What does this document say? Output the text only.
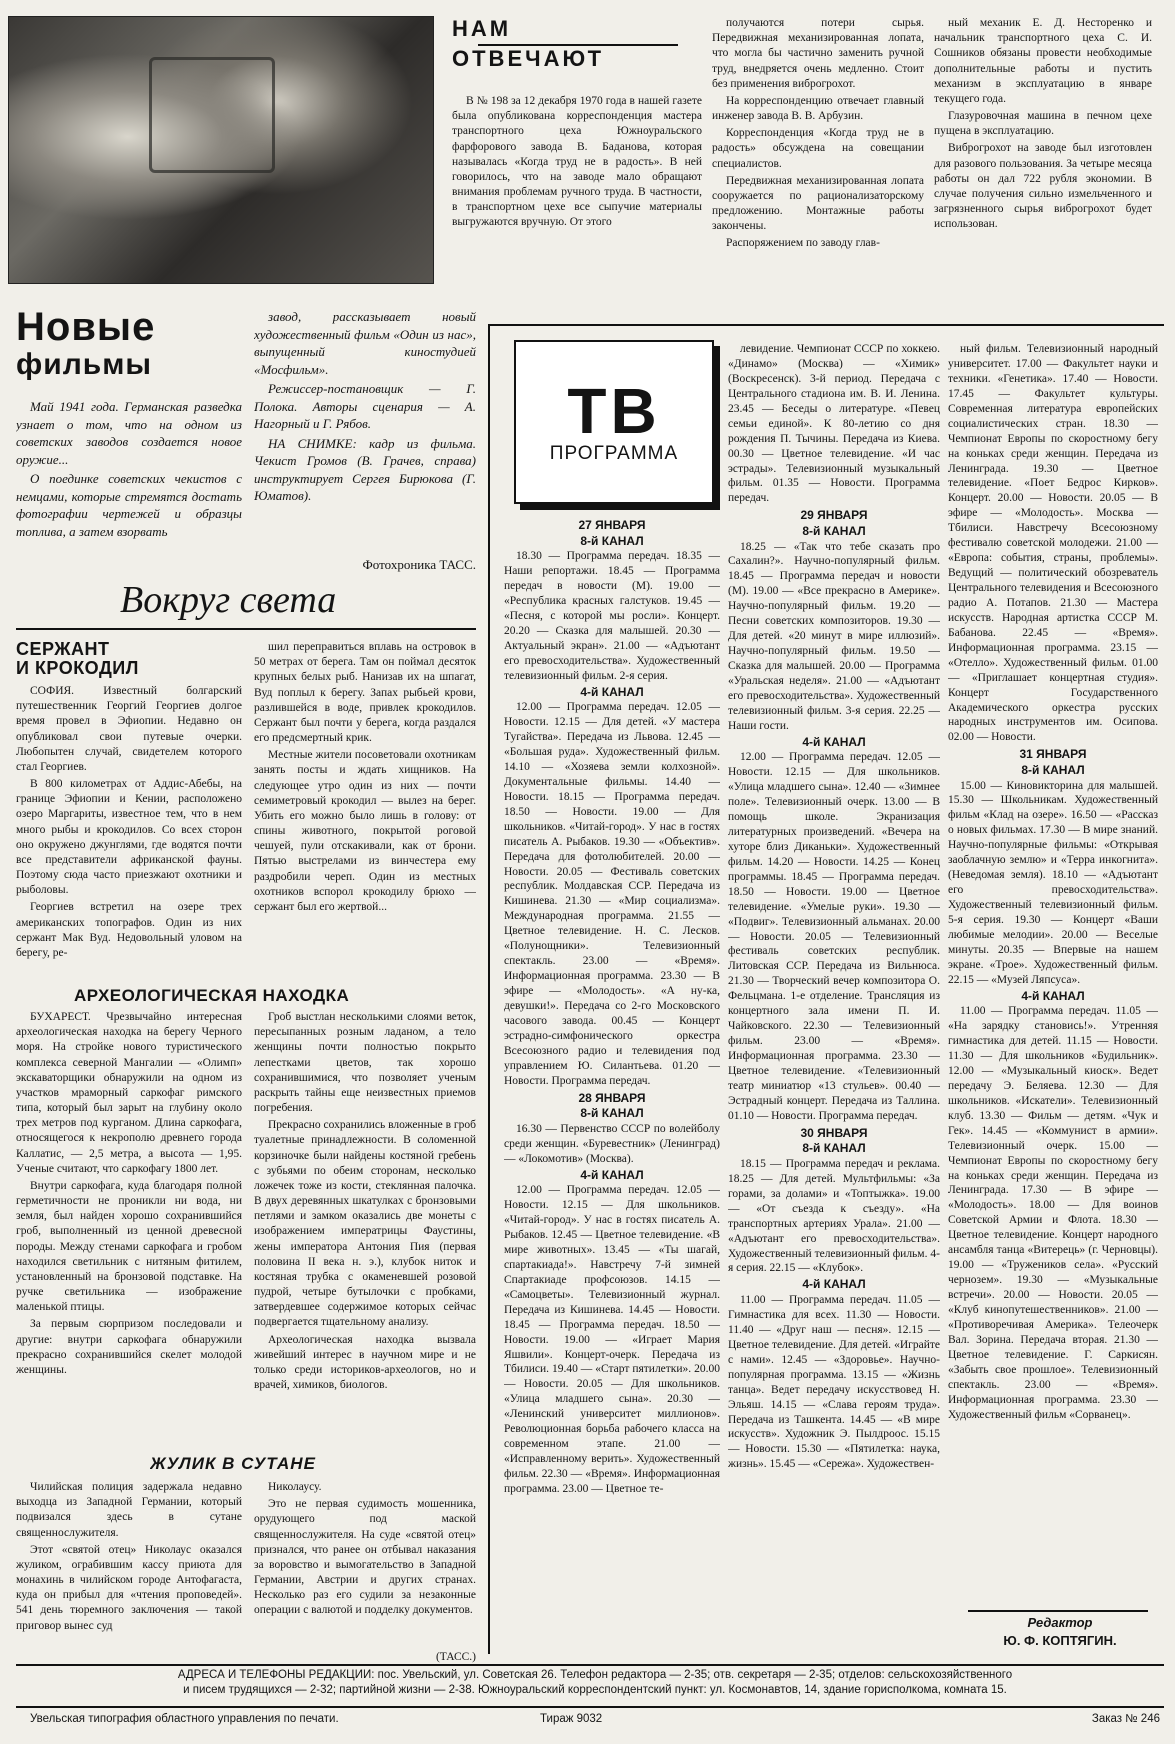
НАМ
ОТВЕЧАЮТ

В № 198 за 12 декабря 1970 года в нашей газете была опубликована корреспонденция мастера транспортного цеха Южноуральского фарфорового завода В. Баданова, которая называлась «Когда труд не в радость». В ней говорилось, что на заводе мало обращают внимания проблемам ручного труда. В частности, в транспортном цехе все сыпучие материалы выгружаются вручную. От этого

получаются потери сырья. Передвижная механизированная лопата, что могла бы частично заменить ручной труд, внедряется очень медленно. Стоит без применения виброгрохот.

На корреспонденцию отвечает главный инженер завода В. В. Арбузин.

Корреспонденция «Когда труд не в радость» обсуждена на совещании специалистов.

Передвижная механизированная лопата сооружается по рационализаторскому предложению. Монтажные работы закончены.

Распоряжением по заводу глав-

ный механик Е. Д. Несторенко и начальник транспортного цеха С. И. Сошников обязаны провести необходимые дополнительные работы и пустить механизм в эксплуатацию в январе текущего года.

Глазуровочная машина в печном цехе пущена в эксплуатацию.

Виброгрохот на заводе был изготовлен для разового пользования. За четыре месяца работы он дал 722 рубля экономии. В случае получения сильно измельченного и загрязненного сырья виброгрохот будет использован.

Новые
фильмы

Май 1941 года. Германская разведка узнает о том, что на одном из советских заводов создается новое оружие...

О поединке советских чекистов с немцами, которые стремятся достать фотографии чертежей и образцы топлива, а затем взорвать

завод, рассказывает новый художественный фильм «Один из нас», выпущенный киностудией «Мосфильм».

Режиссер-постановщик — Г. Полока. Авторы сценария — А. Нагорный и Г. Рябов.

НА СНИМКЕ: кадр из фильма. Чекист Громов (В. Грачев, справа) инструктирует Сергея Бирюкова (Г. Юматов).

Фотохроника ТАСС.
Вокруг света
СЕРЖАНТ
И КРОКОДИЛ

СОФИЯ. Известный болгарский путешественник Георгий Георгиев долгое время провел в Эфиопии. Недавно он опубликовал свои путевые очерки. Любопытен случай, свидетелем которого стал Георгиев.

В 800 километрах от Аддис-Абебы, на границе Эфиопии и Кении, расположено озеро Маргариты, известное тем, что в нем много рыбы и крокодилов. Со всех сторон оно окружено джунглями, где водятся почти все представители африканской фауны. Поэтому сюда часто приезжают охотники и рыболовы.

Георгиев встретил на озере трех американских топографов. Один из них сержант Мак Вуд. Недовольный уловом на берегу, ре-

шил переправиться вплавь на островок в 50 метрах от берега. Там он поймал десяток крупных белых рыб. Нанизав их на шпагат, Вуд поплыл к берегу. Запах рыбьей крови, разлившейся в воде, привлек крокодилов. Сержант был почти у берега, когда раздался его предсмертный крик.

Местные жители посоветовали охотникам занять посты и ждать хищников. На следующее утро один из них — почти семиметровый крокодил — вылез на берег. Убить его можно было лишь в голову: от спины животного, покрытой роговой чешуей, пули отскакивали, как от брони. Пятью выстрелами из винчестера ему раздробили череп. Один из местных охотников вспорол крокодилу брюхо — сержант был его жертвой...

АРХЕОЛОГИЧЕСКАЯ НАХОДКА

БУХАРЕСТ. Чрезвычайно интересная археологическая находка на берегу Черного моря. На стройке нового туристического комплекса северной Мангалии — «Олимп» экскаваторщики обнаружили на одном из участков мраморный саркофаг римского типа, который был зарыт на глубину около трех метров под курганом. Длина саркофага, относящегося к некрополю древнего города Каллатис, — 2,5 метра, а высота — 1,95. Ученые считают, что саркофагу 1800 лет.

Внутри саркофага, куда благодаря полной герметичности не проникли ни вода, ни земля, был найден хорошо сохранившийся гроб, выполненный из ценной древесной породы. Между стенами саркофага и гробом находился светильник с нитяным фитилем, установленный на бронзовой подставке. На ручке светильника — изображение маленькой птицы.

За первым сюрпризом последовали и другие: внутри саркофага обнаружили прекрасно сохранившийся скелет молодой женщины.

Гроб выстлан несколькими слоями веток, пересыпанных розным ладаном, а тело женщины почти полностью покрыто лепестками цветов, так хорошо сохранившимися, что позволяет ученым раскрыть тайны еще неизвестных приемов погребения.

Прекрасно сохранились вложенные в гроб туалетные принадлежности. В соломенной корзиночке были найдены костяной гребень с зубьями по обеим сторонам, несколько ложечек тоже из кости, стеклянная палочка. В двух деревянных шкатулках с бронзовыми петлями и замком оказались две монеты с изображением императрицы Фаустины, жены императора Антония Пия (первая половина II века н. э.), клубок ниток и костяная трубка с окаменевшей розовой пудрой, четыре бутылочки с пробками, затвердевшее содержимое которых сейчас подвергается тщательному анализу.

Археологическая находка вызвала живейший интерес в научном мире и не только среди историков-археологов, но и врачей, химиков, биологов.

ЖУЛИК В СУТАНЕ

Чилийская полиция задержала недавно выходца из Западной Германии, который подвизался здесь в сутане священнослужителя.

Этот «святой отец» Николаус оказался жуликом, ограбившим кассу приюта для монахинь в чилийском городе Антофагаста, куда он прибыл для «чтения проповедей». 541 день тюремного заключения — такой приговор вынес суд

Николаусу.

Это не первая судимость мошенника, орудующего под маской священнослужителя. На суде «святой отец» признался, что ранее он отбывал наказания за воровство и вымогательство в Западной Германии, Австрии и других странах. Несколько раз его судили за незаконные операции с валютой и подделку документов.

(ТАСС.)
ТВ
ПРОГРАММА
27 ЯНВАРЯ
8-й КАНАЛ

18.30 — Программа передач. 18.35 — Наши репортажи. 18.45 — Программа передач в новости (М). 19.00 — «Республика красных галстуков. 19.45 — «Песня, с которой мы росли». Концерт. 20.20 — Сказка для малышей. 20.30 — Актуальный экран». 21.00 — «Адъютант его превосходительства». Художественный телевизионный фильм. 2-я серия.

4-й КАНАЛ

12.00 — Программа передач. 12.05 — Новости. 12.15 — Для детей. «У мастера Тугайства». Передача из Львова. 12.45 — «Большая руда». Художественный фильм. 14.10 — «Хозяева земли колхозной». Документальные фильмы. 14.40 — Новости. 18.15 — Программа передач. 18.50 — Новости. 19.00 — Для школьников. «Читай-город». У нас в гостях писатель А. Рыбаков. 19.30 — «Объектив». Передача для фотолюбителей. 20.00 — Новости. 20.05 — Фестиваль советских республик. Молдавская ССР. Передача из Кишинева. 21.30 — «Мир социализма». Международная программа. 21.55 — Цветное телевидение. Н. С. Лесков. «Полунощники». Телевизионный спектакль. 23.00 — «Время». Информационная программа. 23.30 — В эфире — «Молодость». «А ну-ка, девушки!». Передача со 2-го Московского часового завода. 00.45 — Концерт эстрадно-симфонического оркестра Всесоюзного радио и телевидения под управлением Ю. Силантьева. 01.20 — Новости. Программа передач.

28 ЯНВАРЯ
8-й КАНАЛ

16.30 — Первенство СССР по волейболу среди женщин. «Буревестник» (Ленинград) — «Локомотив» (Москва).

4-й КАНАЛ

12.00 — Программа передач. 12.05 — Новости. 12.15 — Для школьников. «Читай-город». У нас в гостях писатель А. Рыбаков. 12.45 — Цветное телевидение. «В мире животных». 13.45 — «Ты шагай, спартакиада!». Навстречу 7-й зимней Спартакиаде профсоюзов. 14.15 — «Самоцветы». Телевизионный журнал. Передача из Кишинева. 14.45 — Новости. 18.45 — Программа передач. 18.50 — Новости. 19.00 — «Играет Мария Яшвили». Концерт-очерк. Передача из Тбилиси. 19.40 — «Старт пятилетки». 20.00 — Новости. 20.05 — Для школьников. «Улица младшего сына». 20.30 — «Ленинский университет миллионов». Революционная борьба рабочего класса на современном этапе. 21.00 — «Исправленному верить». Художественный фильм. 22.30 — «Время». Информационная программа. 23.00 — Цветное те-

левидение. Чемпионат СССР по хоккею. «Динамо» (Москва) — «Химик» (Воскресенск). 3-й период. Передача с Центрального стадиона им. В. И. Ленина. 23.45 — Беседы о литературе. «Певец семьи единой». К 80-летию со дня рождения П. Тычины. Передача из Киева. 00.30 — Цветное телевидение. «И час эстрады». Телевизионный музыкальный фильм. 01.35 — Новости. Программа передач.

29 ЯНВАРЯ
8-й КАНАЛ

18.25 — «Так что тебе сказать про Сахалин?». Научно-популярный фильм. 18.45 — Программа передач и новости (М). 19.00 — «Все прекрасно в Америке». Научно-популярный фильм. 19.20 — Песни советских композиторов. 19.30 — Для детей. «20 минут в мире иллюзий». Научно-популярный фильм. 19.50 — Сказка для малышей. 20.00 — Программа «Уральская неделя». 21.00 — «Адъютант его превосходительства». Художественный телевизионный фильм. 3-я серия. 22.25 — Наши гости.

4-й КАНАЛ

12.00 — Программа передач. 12.05 — Новости. 12.15 — Для школьников. «Улица младшего сына». 12.40 — «Зимнее поле». Телевизионный очерк. 13.00 — В помощь школе. Экранизация литературных произведений. «Вечера на хуторе близ Диканьки». Художественный фильм. 14.20 — Новости. 14.25 — Конец программы. 18.45 — Программа передач. 18.50 — Новости. 19.00 — Цветное телевидение. «Умелые руки». 19.30 — «Подвиг». Телевизионный альманах. 20.00 — Новости. 20.05 — Телевизионный фестиваль советских республик. Литовская ССР. Передача из Вильнюса. 21.30 — Творческий вечер композитора О. Фельцмана. 1-е отделение. Трансляция из концертного зала имени П. И. Чайковского. 22.30 — Телевизионный фильм. 23.00 — «Время». Информационная программа. 23.30 — Цветное телевидение. «Телевизионный театр миниатюр «13 стульев». 00.40 — Эстрадный концерт. Передача из Таллина. 01.10 — Новости. Программа передач.

30 ЯНВАРЯ
8-й КАНАЛ

18.15 — Программа передач и реклама. 18.25 — Для детей. Мультфильмы: «За горами, за долами» и «Топтыжка». 19.00 — «От съезда к съезду». «На транспортных артериях Урала». 21.00 — «Адъютант его превосходительства». Художественный телевизионный фильм. 4-я серия. 22.15 — «Клубок».

4-й КАНАЛ

11.00 — Программа передач. 11.05 — Гимнастика для всех. 11.30 — Новости. 11.40 — «Друг наш — песня». 12.15 — Цветное телевидение. Для детей. «Играйте с нами». 12.45 — «Здоровье». Научно-популярная программа. 13.15 — «Жизнь танца». Ведет передачу искусствовед Н. Эльяш. 14.15 — «Слава героям труда». Передача из Ташкента. 14.45 — «В мире искусств». Художник Э. Пылдроос. 15.15 — Новости. 15.30 — «Пятилетка: наука, жизнь». 15.45 — «Сережа». Художествен-

ный фильм. Телевизионный народный университет. 17.00 — Факультет науки и техники. «Генетика». 17.40 — Новости. 17.45 — Факультет культуры. Современная литература европейских социалистических стран. 18.30 — Чемпионат Европы по скоростному бегу на коньках среди женщин. Передача из Ленинграда. 19.30 — Цветное телевидение. «Поет Бедрос Кирков». Концерт. 20.00 — Новости. 20.05 — В эфире — «Молодость». Москва — Тбилиси. Навстречу Всесоюзному фестивалю советской молодежи. 21.00 — «Европа: события, страны, проблемы». Ведущий — политический обозреватель Центрального телевидения и Всесоюзного радио А. Потапов. 21.30 — Мастера искусств. Народная артистка СССР М. Бабанова. 22.45 — «Время». Информационная программа. 23.15 — «Отелло». Художественный фильм. 01.00 — «Приглашает концертная студия». Концерт Государственного Академического оркестра русских народных инструментов им. Осипова. 02.00 — Новости.

31 ЯНВАРЯ
8-й КАНАЛ

15.00 — Киновикторина для малышей. 15.30 — Школьникам. Художественный фильм «Клад на озере». 16.50 — «Рассказ о новых фильмах. 17.30 — В мире знаний. Научно-популярные фильмы: «Открывая заоблачную землю» и «Терра инкогнита». (Неведомая земля). 18.10 — «Адъютант его превосходительства». Художественный телевизионный фильм. 5-я серия. 19.30 — Концерт «Ваши любимые мелодии». 20.00 — Веселые минуты. 20.35 — Впервые на нашем экране. «Трое». Художественный фильм. 22.15 — «Музей Ляпсуса».

4-й КАНАЛ

11.00 — Программа передач. 11.05 — «На зарядку становись!». Утренняя гимнастика для детей. 11.15 — Новости. 11.30 — Для школьников «Будильник». 12.00 — «Музыкальный киоск». Ведет передачу Э. Беляева. 12.30 — Для школьников. «Искатели». Телевизионный клуб. 13.30 — Фильм — детям. «Чук и Гек». 14.45 — «Коммунист в армии». Телевизионный очерк. 15.00 — Чемпионат Европы по скоростному бегу на коньках среди женщин. Передача из Ленинграда. 17.30 — В эфире — «Молодость». 18.00 — Для воинов Советской Армии и Флота. 18.30 — Цветное телевидение. Концерт народного ансамбля танца «Витерець» (г. Черновцы). 19.00 — «Тружеников села». «Русский чернозем». 19.30 — «Музыкальные встречи». 20.00 — Новости. 20.05 — «Клуб кинопутешественников». 21.00 — «Противоречивая Америка». Телеочерк Вал. Зорина. Передача вторая. 21.30 — Цветное телевидение. Г. Саркисян. «Забыть свое прошлое». Телевизионный спектакль. 23.00 — «Время». Информационная программа. 23.30 — Художественный фильм «Сорванец».

Редактор
Ю. Ф. КОПТЯГИН.
АДРЕСА И ТЕЛЕФОНЫ РЕДАКЦИИ: пос. Увельский, ул. Советская 26. Телефон редактора — 2-35; отв. секретаря — 2-35; отделов: сельскохозяйственного
и писем трудящихся — 2-32; партийной жизни — 2-38. Южноуральский корреспондентский пункт: ул. Космонавтов, 14, здание горисполкома, комната 15.
Увельская типография областного управления по печати.	Тираж 9032	Заказ № 246
